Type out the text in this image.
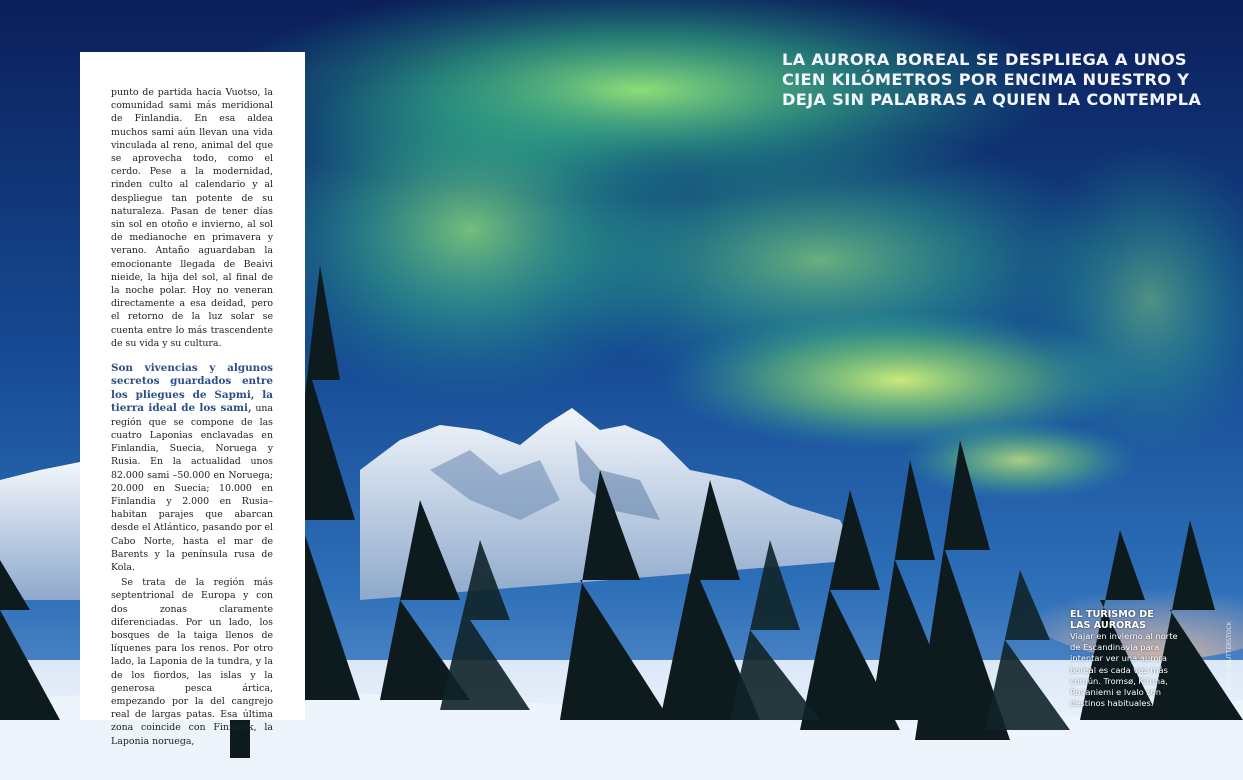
punto de partida hacia Vuotso, la comunidad sami más meridional de Finlandia. En esa aldea muchos sami aún llevan una vida vinculada al reno, animal del que se aprovecha todo, como el cerdo. Pese a la modernidad, rinden culto al calendario y al despliegue tan potente de su naturaleza. Pasan de tener días sin sol en otoño e invierno, al sol de medianoche en primavera y verano. Antaño aguardaban la emocionante llegada de Beaivi nieide, la hija del sol, al final de la noche polar. Hoy no veneran directamente a esa deidad, pero el retorno de la luz solar se cuenta entre lo más trascendente de su vida y su cultura.

Son vivencias y algunos secretos guardados entre los pliegues de Sapmi, la tierra ideal de los sami, una región que se compone de las cuatro Laponias enclavadas en Finlandia, Suecia, Noruega y Rusia. En la actualidad unos 82.000 sami –50.000 en Noruega; 20.000 en Suecia; 10.000 en Finlandia y 2.000 en Rusia– habitan parajes que abarcan desde el Atlántico, pasando por el Cabo Norte, hasta el mar de Barents y la península rusa de Kola.

Se trata de la región más septentrional de Europa y con dos zonas claramente diferenciadas. Por un lado, los bosques de la taiga llenos de líquenes para los renos. Por otro lado, la Laponia de la tundra, y la de los fiordos, las islas y la generosa pesca ártica, empezando por la del cangrejo real de largas patas. Esa última zona coincide con Finmark, la Laponia noruega,

LA AURORA BOREAL SE DESPLIEGA A UNOS CIEN KILÓMETROS POR ENCIMA NUESTRO Y DEJA SIN PALABRAS A QUIEN LA CONTEMPLA

EL TURISMO DE
LAS AURORAS

Viajar en invierno al norte de Escandinavia para intentar ver una aurora boreal es cada vez más común. Tromsø, Kiruna, Rovaniemi e Ivalo son destinos habituales.

FOTO: SHUTTERSTOCK
